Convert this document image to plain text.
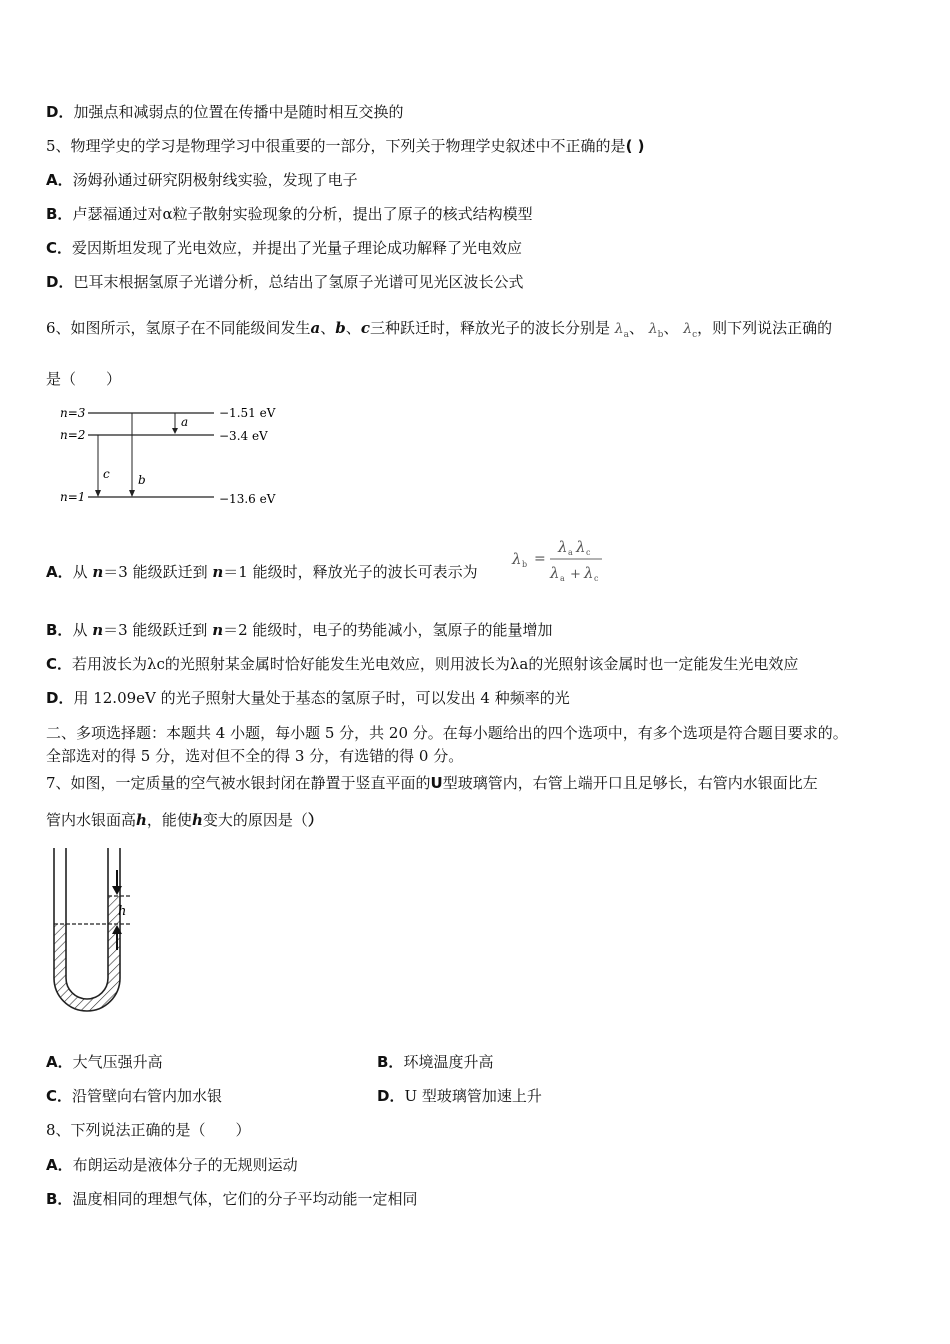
D．加强点和减弱点的位置在传播中是随时相互交换的
5、物理学史的学习是物理学习中很重要的一部分，下列关于物理学史叙述中不正确的是( )
A．汤姆孙通过研究阴极射线实验，发现了电子
B．卢瑟福通过对α粒子散射实验现象的分析，提出了原子的核式结构模型
C．爱因斯坦发现了光电效应，并提出了光量子理论成功解释了光电效应
D．巴耳末根据氢原子光谱分析，总结出了氢原子光谱可见光区波长公式
6、如图所示，氢原子在不同能级间发生a、b、c三种跃迁时，释放光子的波长分别是 $\lambda_a$、 $\lambda_b$、 $\lambda_c$，则下列说法正确的
是（　　）
n=3
n=2
n=1
−1.51 eV
−3.4 eV
−13.6 eV
a
b
c
A．从 n＝3 能级跃迁到 n＝1 能级时，释放光子的波长可表示为
λ b =
λ a λ c
λ a + λ c
B．从 n＝3 能级跃迁到 n＝2 能级时，电子的势能减小，氢原子的能量增加
C．若用波长为λc的光照射某金属时恰好能发生光电效应，则用波长为λa的光照射该金属时也一定能发生光电效应
D．用 12.09eV 的光子照射大量处于基态的氢原子时，可以发出 4 种频率的光
二、多项选择题：本题共 4 小题，每小题 5 分，共 20 分。在每小题给出的四个选项中，有多个选项是符合题目要求的。
全部选对的得 5 分，选对但不全的得 3 分，有选错的得 0 分。
7、如图，一定质量的空气被水银封闭在静置于竖直平面的U型玻璃管内，右管上端开口且足够长，右管内水银面比左
管内水银面高h，能使h变大的原因是（）
h
A．大气压强升高	B．环境温度升高
C．沿管壁向右管内加水银	D．U 型玻璃管加速上升
8、下列说法正确的是（　　）
A．布朗运动是液体分子的无规则运动
B．温度相同的理想气体，它们的分子平均动能一定相同
